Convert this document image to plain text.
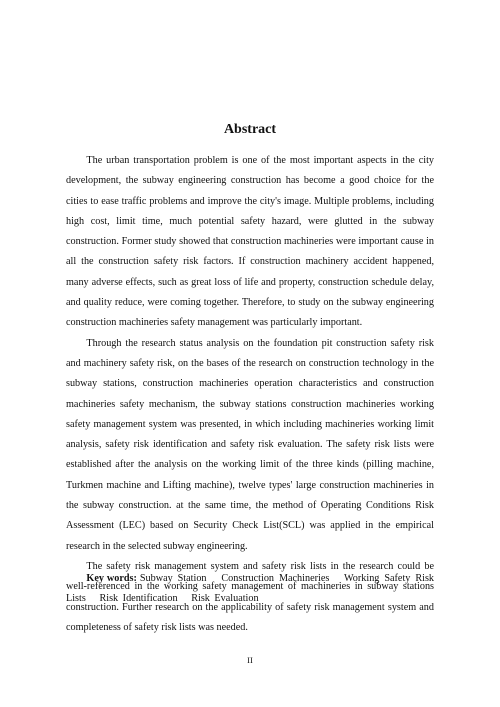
Abstract

The urban transportation problem is one of the most important aspects in the city development, the subway engineering construction has become a good choice for the cities to ease traffic problems and improve the city's image. Multiple problems, including high cost, limit time, much potential safety hazard, were glutted in the subway construction. Former study showed that construction machineries were important cause in all the construction safety risk factors. If construction machinery accident happened, many adverse effects, such as great loss of life and property, construction schedule delay, and quality reduce, were coming together. Therefore, to study on the subway engineering construction machineries safety management was particularly important.

Through the research status analysis on the foundation pit construction safety risk and machinery safety risk, on the bases of the research on construction technology in the subway stations, construction machineries operation characteristics and construction machineries safety mechanism, the subway stations construction machineries working safety management system was presented, in which including machineries working limit analysis, safety risk identification and safety risk evaluation. The safety risk lists were established after the analysis on the working limit of the three kinds (pilling machine, Turkmen machine and Lifting machine), twelve types' large construction machineries in the subway construction. at the same time, the method of Operating Conditions Risk Assessment (LEC) based on Security Check List(SCL) was applied in the empirical research in the selected subway engineering.

The safety risk management system and safety risk lists in the research could be well-referenced in the working safety management of machineries in subway stations construction. Further research on the applicability of safety risk management system and completeness of safety risk lists was needed.

Key words: Subway Station   Construction Machineries   Working Safety Risk Lists   Risk Identification   Risk Evaluation
II
